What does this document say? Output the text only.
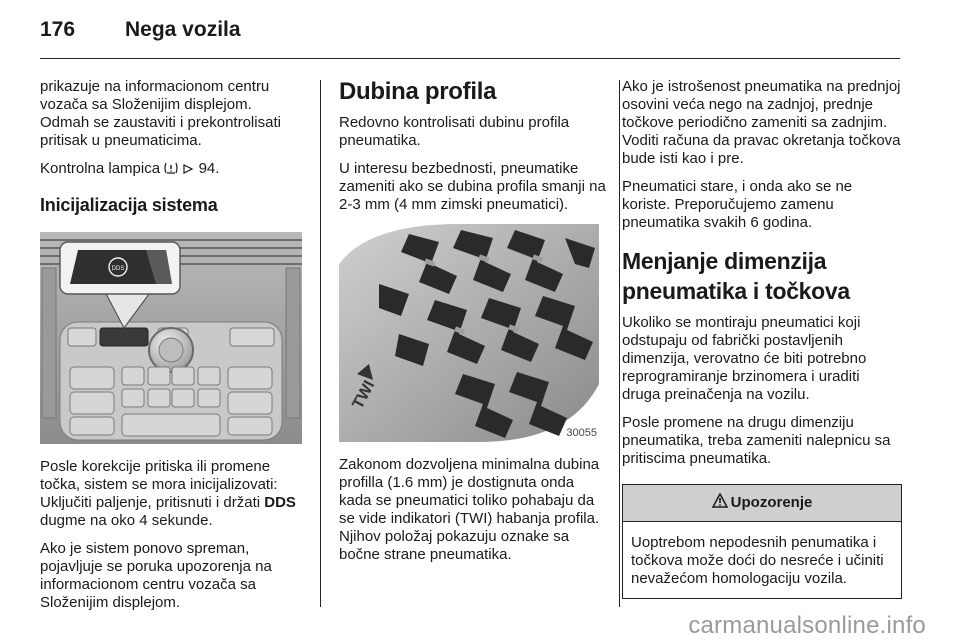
176	Nega vozila

prikazuje na informacionom centru vozača sa Složenijim displejom. Odmah se zaustaviti i prekontrolisati pritisak u pneumaticima.

Kontrolna lampica	94.

Inicijalizacija sistema
DDS

Posle korekcije pritiska ili promene točka, sistem se mora inicijalizovati: Uključiti paljenje, pritisnuti i držati DDS dugme na oko 4 sekunde.

Ako je sistem ponovo spreman, pojavljuje se poruka upozorenja na informacionom centru vozača sa Složenijim displejom.

Dubina profila

Redovno kontrolisati dubinu profila pneumatika.

U interesu bezbednosti, pneumatike zameniti ako se dubina profila smanji na 2-3 mm (4 mm zimski pneumatici).

TWI
30055

Zakonom dozvoljena minimalna dubina profilla (1.6 mm) je dostignuta onda kada se pneumatici toliko pohabaju da se vide indikatori (TWI) habanja profila. Njihov položaj pokazuju oznake sa bočne strane pneumatika.

Ako je istrošenost pneumatika na prednjoj osovini veća nego na zadnjoj, prednje točkove periodično zameniti sa zadnjim. Voditi računa da pravac okretanja točkova bude isti kao i pre.

Pneumatici stare, i onda ako se ne koriste. Preporučujemo zamenu pneumatika svakih 6 godina.

Menjanje dimenzija pneumatika i točkova

Ukoliko se montiraju pneumatici koji odstupaju od fabrički postavljenih dimenzija, verovatno će biti potrebno reprogramiranje brzinomera i uraditi druga preinačenja na vozilu.

Posle promene na drugu dimenziju pneumatika, treba zameniti nalepnicu sa pritiscima pneumatika.

Upozorenje
Uoptrebom nepodesnih penumatika i točkova može doći do nesreće i učiniti nevažećom homologaciju vozila.
carmanualsonline.info
